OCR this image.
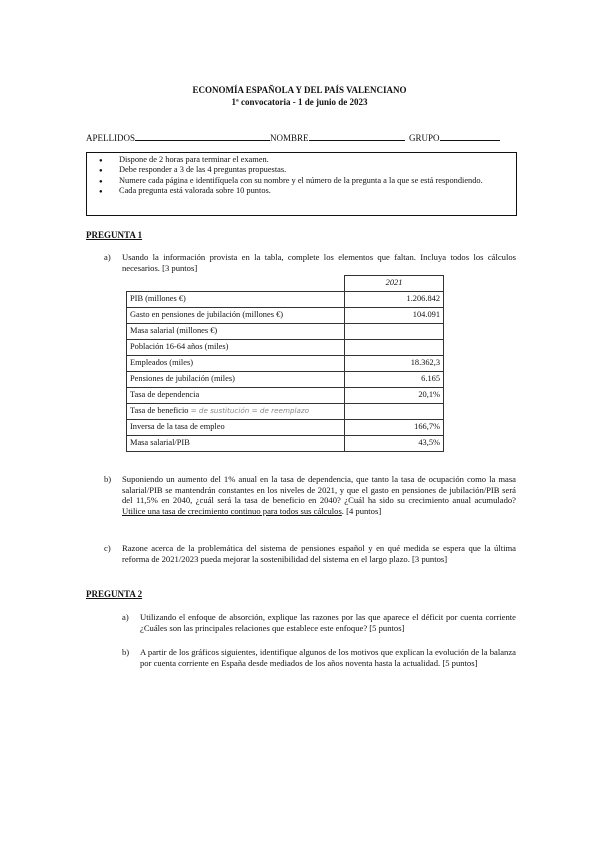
ECONOMÍA ESPAÑOLA Y DEL PAÍS VALENCIANO
1ª convocatoria - 1 de junio de 2023
APELLIDOS	NOMBRE	GRUPO
● Dispone de 2 horas para terminar el examen.
● Debe responder a 3 de las 4 preguntas propuestas.
● Numere cada página e identifíquela con su nombre y el número de la pregunta a la que se está respondiendo.
● Cada pregunta está valorada sobre 10 puntos.
PREGUNTA 1
a) Usando la información provista en la tabla, complete los elementos que faltan. Incluya todos los cálculos necesarios. [3 puntos]
	2021
PIB (millones €)	1.206.842
Gasto en pensiones de jubilación (millones €)	104.091
Masa salarial (millones €)	
Población 16-64 años (miles)	
Empleados (miles)	18.362,3
Pensiones de jubilación (miles)	6.165
Tasa de dependencia	20,1%
Tasa de beneficio = de sustitución = de reemplazo	
Inversa de la tasa de empleo	166,7%
Masa salarial/PIB	43,5%
b) Suponiendo un aumento del 1% anual en la tasa de dependencia, que tanto la tasa de ocupación como la masa salarial/PIB se mantendrán constantes en los niveles de 2021, y que el gasto en pensiones de jubilación/PIB será del 11,5% en 2040, ¿cuál será la tasa de beneficio en 2040? ¿Cuál ha sido su crecimiento anual acumulado? Utilice una tasa de crecimiento continuo para todos sus cálculos. [4 puntos]
c) Razone acerca de la problemática del sistema de pensiones español y en qué medida se espera que la última reforma de 2021/2023 pueda mejorar la sostenibilidad del sistema en el largo plazo. [3 puntos]
PREGUNTA 2
a) Utilizando el enfoque de absorción, explique las razones por las que aparece el déficit por cuenta corriente ¿Cuáles son las principales relaciones que establece este enfoque? [5 puntos]
b) A partir de los gráficos siguientes, identifique algunos de los motivos que explican la evolución de la balanza por cuenta corriente en España desde mediados de los años noventa hasta la actualidad. [5 puntos]
